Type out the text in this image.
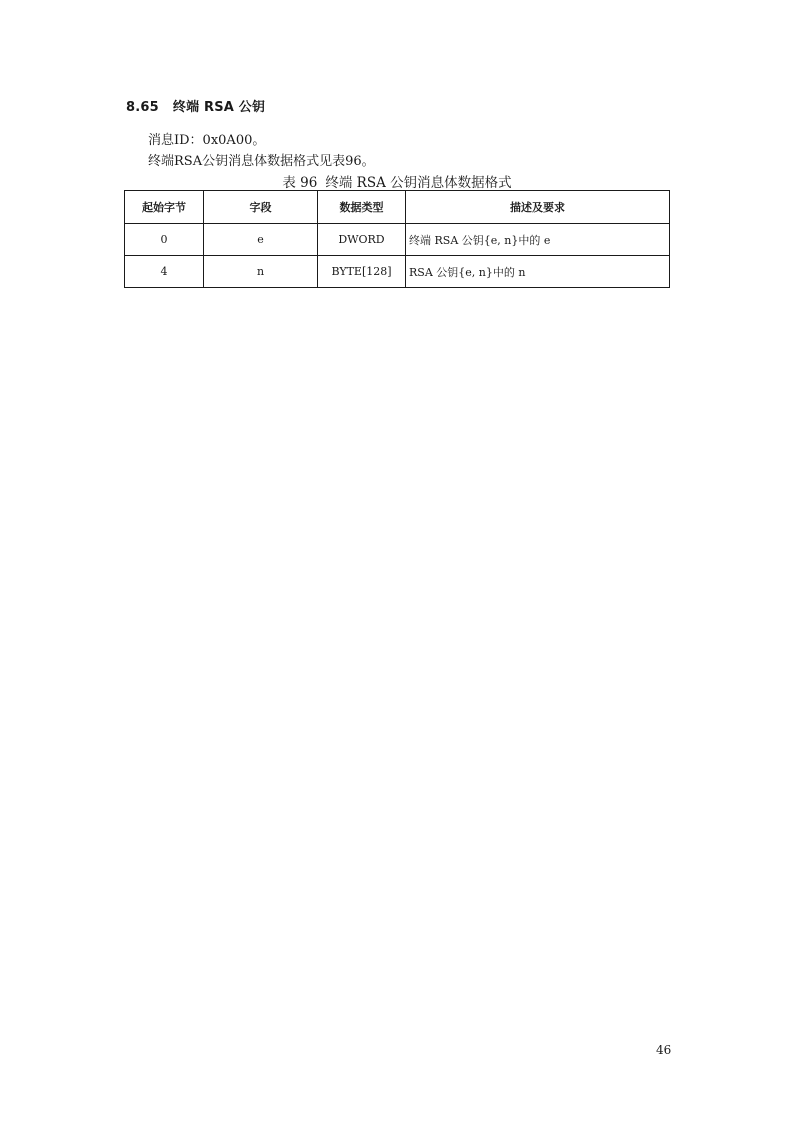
8.65 终端 RSA 公钥
消息ID：0x0A00。
终端RSA公钥消息体数据格式见表96。
表 96 终端 RSA 公钥消息体数据格式
起始字节	字段	数据类型	描述及要求
0	e	DWORD	终端 RSA 公钥{e, n}中的 e
4	n	BYTE[128]	RSA 公钥{e, n}中的 n
46
